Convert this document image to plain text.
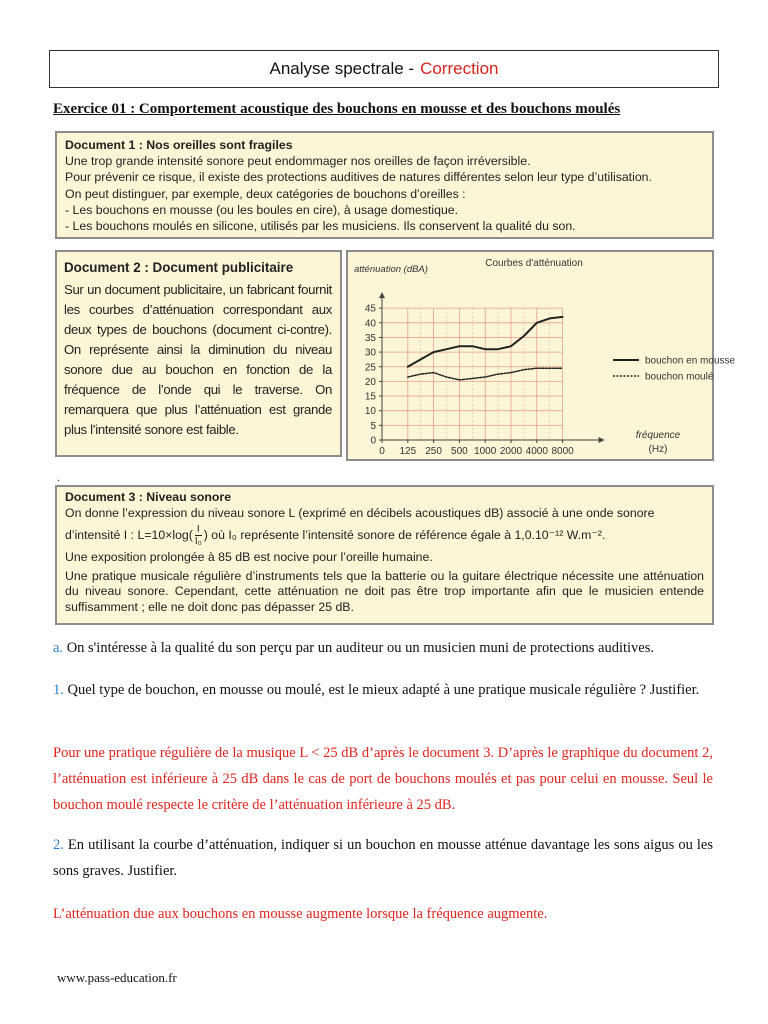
Analyse spectrale - Correction
Exercice 01 : Comportement acoustique des bouchons en mousse et des bouchons moulés
Document 1 : Nos oreilles sont fragiles
Une trop grande intensité sonore peut endommager nos oreilles de façon irréversible.
Pour prévenir ce risque, il existe des protections auditives de natures différentes selon leur type d’utilisation.
On peut distinguer, par exemple, deux catégories de bouchons d’oreilles :
- Les bouchons en mousse (ou les boules en cire), à usage domestique.
- Les bouchons moulés en silicone, utilisés par les musiciens. Ils conservent la qualité du son.
Document 2 : Document publicitaire
Sur un document publicitaire, un fabricant fournit les courbes d’atténuation correspondant aux deux types de bouchons (document ci-contre). On représente ainsi la diminution du niveau sonore due au bouchon en fonction de la fréquence de l’onde qui le traverse. On remarquera que plus l’atténuation est grande plus l’intensité sonore est faible.
0 125 250 500 1000 2000 4000 8000
0
5
10
15
20
25
30
35
40
45
atténuation (dBA)
Courbes d'atténuation
fréquence
(Hz)
bouchon en mousse
bouchon moulé
.
Document 3 : Niveau sonore

On donne l’expression du niveau sonore L (exprimé en décibels acoustiques dB) associé à une onde sonore

d’intensité I : $L=10\times\log( \frac{I}{\text{I₀}}$ ) où I₀ représente l’intensité sonore de référence égale à 1,0.10⁻¹² W.m⁻².

Une exposition prolongée à 85 dB est nocive pour l’oreille humaine.

Une pratique musicale régulière d’instruments tels que la batterie ou la guitare électrique nécessite une atténuation du niveau sonore. Cependant, cette atténuation ne doit pas être trop importante afin que le musicien entende suffisamment ; elle ne doit donc pas dépasser 25 dB.

a. On s'intéresse à la qualité du son perçu par un auditeur ou un musicien muni de protections auditives.
1. Quel type de bouchon, en mousse ou moulé, est le mieux adapté à une pratique musicale régulière ? Justifier.
Pour une pratique régulière de la musique L < 25 dB d’après le document 3. D’après le graphique du document 2, l’atténuation est inférieure à 25 dB dans le cas de port de bouchons moulés et pas pour celui en mousse. Seul le bouchon moulé respecte le critère de l’atténuation inférieure à 25 dB.
2. En utilisant la courbe d’atténuation, indiquer si un bouchon en mousse atténue davantage les sons aigus ou les sons graves. Justifier.
L’atténuation due aux bouchons en mousse augmente lorsque la fréquence augmente.
www.pass-education.fr
